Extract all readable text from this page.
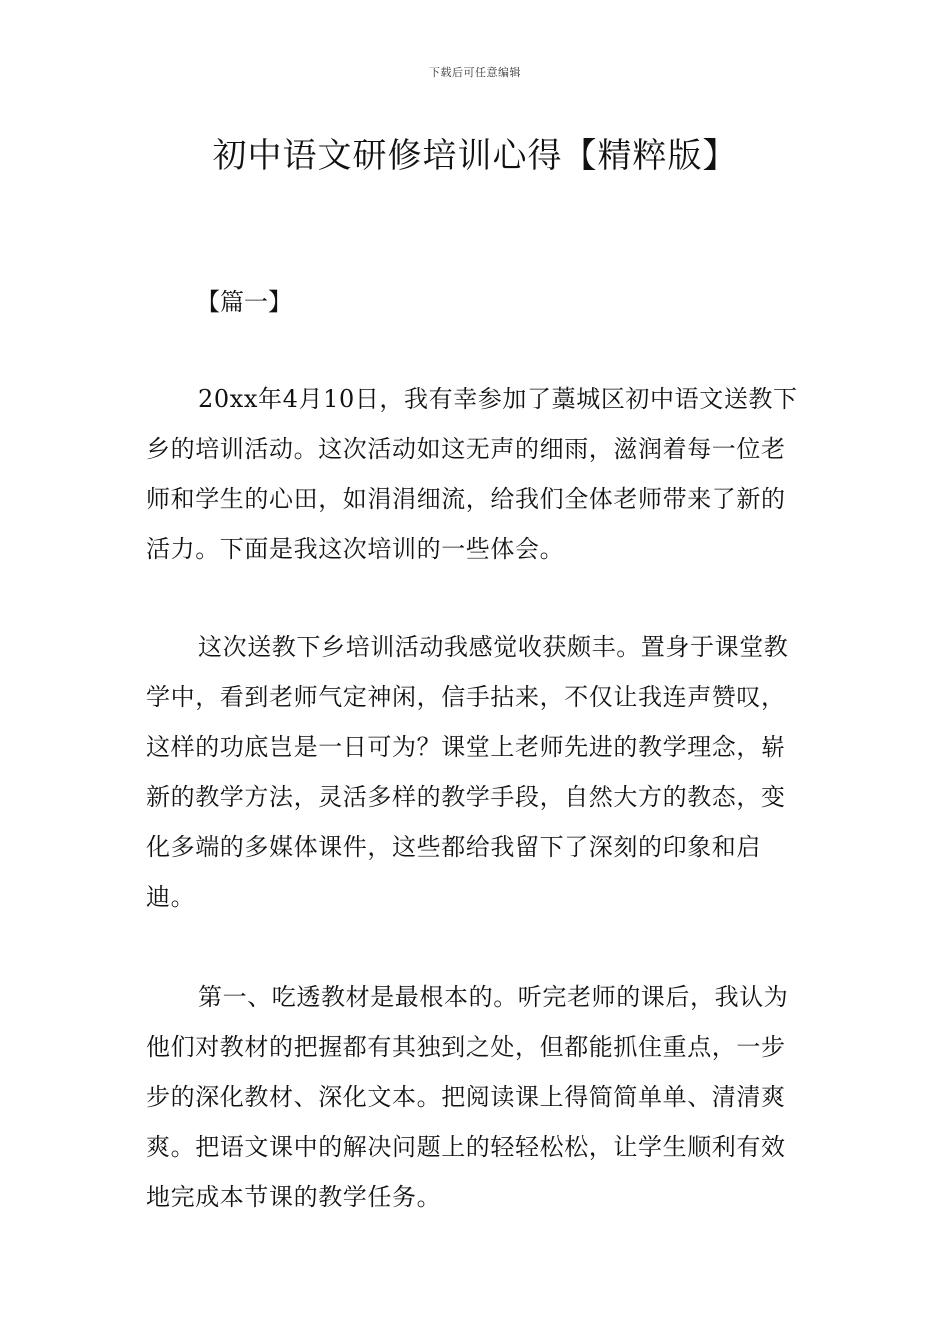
下载后可任意编辑
初中语文研修培训心得【精粹版】
【篇一】

20xx年4月10日，我有幸参加了藁城区初中语文送教下乡的培训活动。这次活动如这无声的细雨，滋润着每一位老师和学生的心田，如涓涓细流，给我们全体老师带来了新的活力。下面是我这次培训的一些体会。

这次送教下乡培训活动我感觉收获颇丰。置身于课堂教学中，看到老师气定神闲，信手拈来，不仅让我连声赞叹，这样的功底岂是一日可为？课堂上老师先进的教学理念，崭新的教学方法，灵活多样的教学手段，自然大方的教态，变化多端的多媒体课件，这些都给我留下了深刻的印象和启迪。

第一、吃透教材是最根本的。听完老师的课后，我认为他们对教材的把握都有其独到之处，但都能抓住重点，一步步的深化教材、深化文本。把阅读课上得简简单单、清清爽爽。把语文课中的解决问题上的轻轻松松，让学生顺利有效地完成本节课的教学任务。
